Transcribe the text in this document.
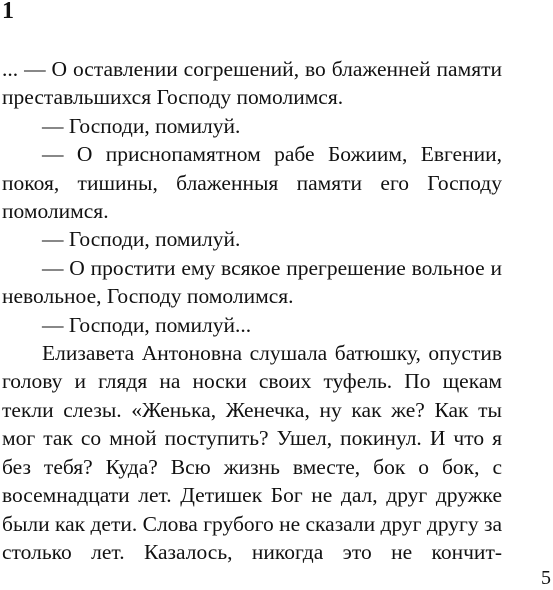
1

... — О оставлении согрешений, во блаженней памяти преставльшихся Господу помолимся.

— Господи, помилуй.

— О приснопамятном рабе Божиим, Евгении, покоя, тишины, блаженныя памяти его Господу помолимся.

— Господи, помилуй.

— О простити ему всякое прегрешение вольное и невольное, Господу помолимся.

— Господи, помилуй...

Елизавета Антоновна слушала батюшку, опустив голову и глядя на носки своих туфель. По щекам текли слезы. «Женька, Женечка, ну как же? Как ты мог так со мной поступить? Ушел, покинул. И что я без тебя? Куда? Всю жизнь вместе, бок о бок, с восемнадцати лет. Детишек Бог не дал, друг дружке были как дети. Слова грубого не сказали друг другу за столько лет. Казалось, никогда это не кончит-

5
